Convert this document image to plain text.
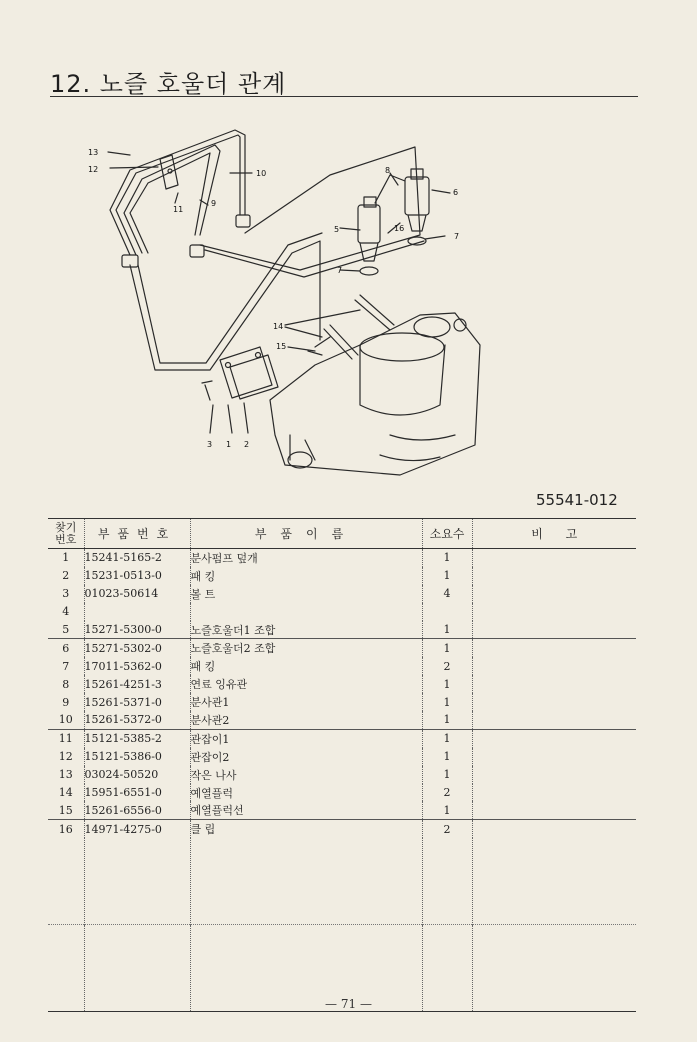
12. 노즐 호울더 관계
13
12
11
10
9
8
6
16
5
7
7
14
15
3 1 2
55541-012
찾기
번호	부품번호	부품이름	소요수	비      고
1	15241-5165-2	분사펌프 덮개	1	
2	15231-0513-0	패 킹	1	
3	01023-50614	볼 트	4	
4				
5	15271-5300-0	노즐호울더1 조합	1	
6	15271-5302-0	노즐호울더2 조합	1	
7	17011-5362-0	패 킹	2	
8	15261-4251-3	연료 잉유관	1	
9	15261-5371-0	분사관1	1	
10	15261-5372-0	분사관2	1	
11	15121-5385-2	관잡이1	1	
12	15121-5386-0	관잡이2	1	
13	03024-50520	작은 나사	1	
14	15951-6551-0	예열플럭	2	
15	15261-6556-0	예열플럭선	1	
16	14971-4275-0	클 립	2	

— 71 —
